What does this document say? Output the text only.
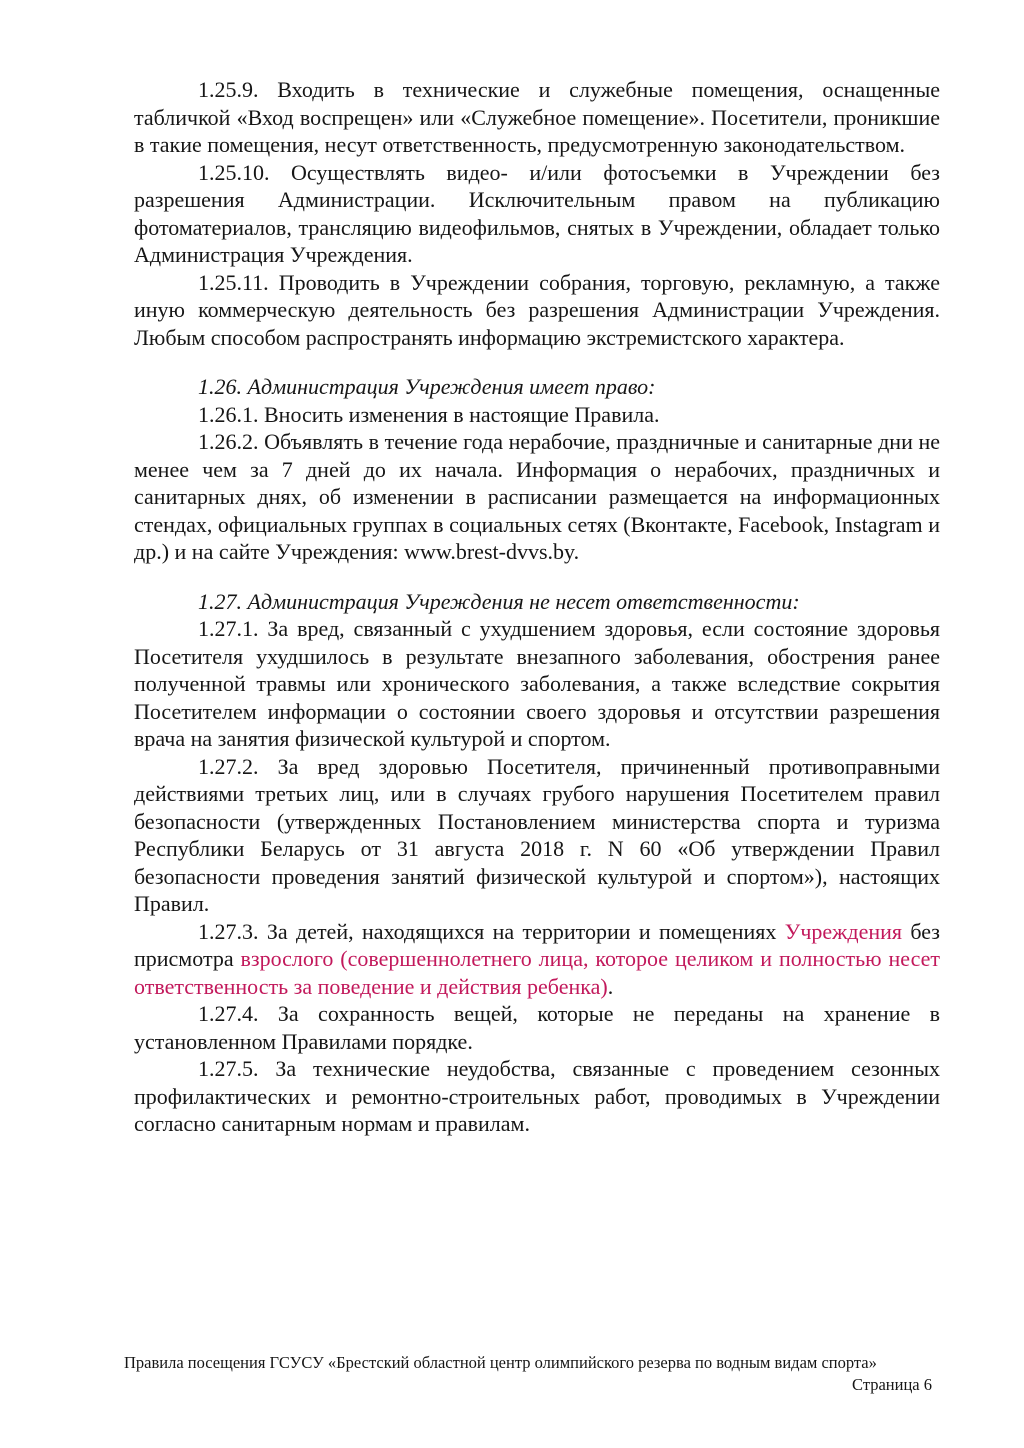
1.25.9. Входить в технические и служебные помещения, оснащенные табличкой «Вход воспрещен» или «Служебное помещение». Посетители, проникшие в такие помещения, несут ответственность, предусмотренную законодательством.

1.25.10. Осуществлять видео- и/или фотосъемки в Учреждении без разрешения Администрации. Исключительным правом на публикацию фотоматериалов, трансляцию видеофильмов, снятых в Учреждении, обладает только Администрация Учреждения.

1.25.11. Проводить в Учреждении собрания, торговую, рекламную, а также иную коммерческую деятельность без разрешения Администрации Учреждения. Любым способом распространять информацию экстремистского характера.

1.26. Администрация Учреждения имеет право:

1.26.1. Вносить изменения в настоящие Правила.

1.26.2. Объявлять в течение года нерабочие, праздничные и санитарные дни не менее чем за 7 дней до их начала. Информация о нерабочих, праздничных и санитарных днях, об изменении в расписании размещается на информационных стендах, официальных группах в социальных сетях (Вконтакте, Facebook, Instagram и др.) и на сайте Учреждения: www.brest-dvvs.by.

1.27. Администрация Учреждения не несет ответственности:

1.27.1. За вред, связанный с ухудшением здоровья, если состояние здоровья Посетителя ухудшилось в результате внезапного заболевания, обострения ранее полученной травмы или хронического заболевания, а также вследствие сокрытия Посетителем информации о состоянии своего здоровья и отсутствии разрешения врача на занятия физической культурой и спортом.

1.27.2. За вред здоровью Посетителя, причиненный противоправными действиями третьих лиц, или в случаях грубого нарушения Посетителем правил безопасности (утвержденных Постановлением министерства спорта и туризма Республики Беларусь от 31 августа 2018 г. N 60 «Об утверждении Правил безопасности проведения занятий физической культурой и спортом»), настоящих Правил.

1.27.3. За детей, находящихся на территории и помещениях Учреждения без присмотра взрослого (совершеннолетнего лица, которое целиком и полностью несет ответственность за поведение и действия ребенка).

1.27.4. За сохранность вещей, которые не переданы на хранение в установленном Правилами порядке.

1.27.5. За технические неудобства, связанные с проведением сезонных профилактических и ремонтно-строительных работ, проводимых в Учреждении согласно санитарным нормам и правилам.

Правила посещения ГСУСУ «Брестский областной центр олимпийского резерва по водным видам спорта»
Страница 6
